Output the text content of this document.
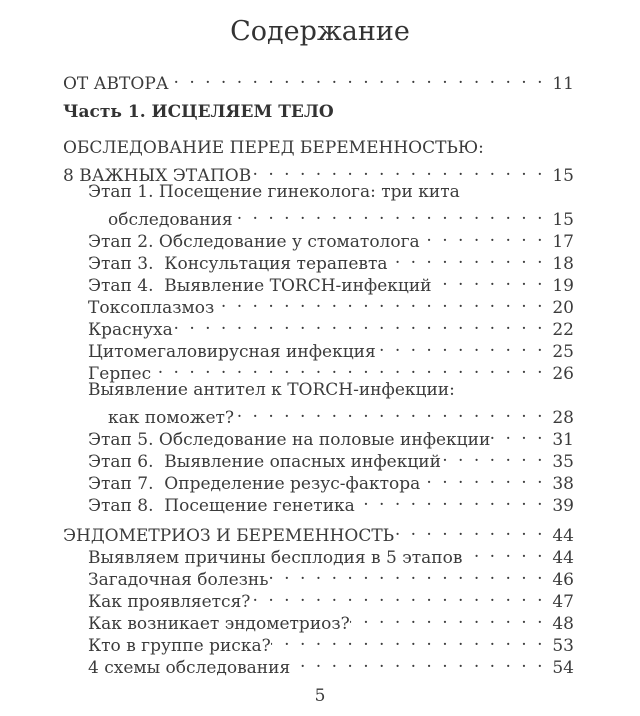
Содержание
ОТ АВТОРА . . .	11
Часть 1. ИСЦЕЛЯЕМ ТЕЛО
ОБСЛЕДОВАНИЕ ПЕРЕД БЕРЕМЕННОСТЬЮ:
8 ВАЖНЫХ ЭТАПОВ . . .	15
Этап 1. Посещение гинеколога: три кита
обследования . . .	15
Этап 2. Обследование у стоматолога . . .	17
Этап 3.  Консультация терапевта . . .	18
Этап 4.  Выявление TORCH-инфекций . . .	19
Токсоплазмоз . . .	20
Краснуха . . .	22
Цитомегаловирусная инфекция . . .	25
Герпес . . .	26
Выявление антител к TORCH-инфекции:
как поможет? . . .	28
Этап 5. Обследование на половые инфекции . . .	31
Этап 6.  Выявление опасных инфекций . . .	35
Этап 7.  Определение резус-фактора . . .	38
Этап 8.  Посещение генетика . . .	39
ЭНДОМЕТРИОЗ И БЕРЕМЕННОСТЬ . . .	44
Выявляем причины бесплодия в 5 этапов . . .	44
Загадочная болезнь . . .	46
Как проявляется? . . .	47
Как возникает эндометриоз? . . .	48
Кто в группе риска? . . .	53
4 схемы обследования . . .	54
5
